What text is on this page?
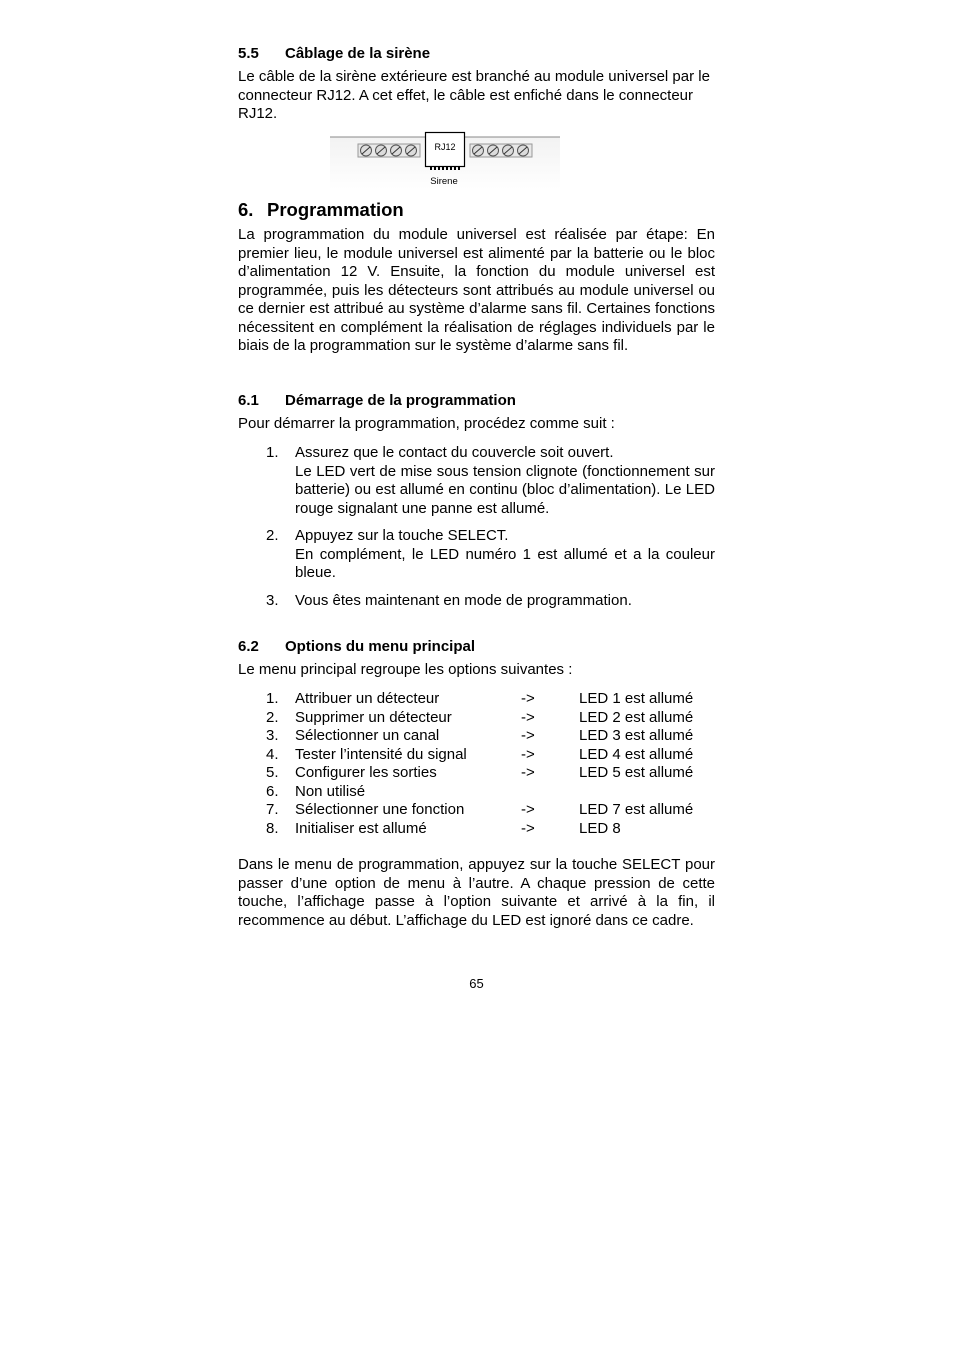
5.5 Câblage de la sirène

Le câble de la sirène extérieure est branché au module universel par le connecteur RJ12. A cet effet, le câble est enfiché dans le connecteur RJ12.

6. Programmation

La programmation du module universel est réalisée par étape: En premier lieu, le module universel est alimenté par la batterie ou le bloc d’alimentation 12 V. Ensuite, la fonction du module universel est programmée, puis les détecteurs sont attribués au module universel ou ce dernier est attribué au système d’alarme sans fil. Certaines fonctions nécessitent en complément la réalisation de réglages individuels par le biais de la programmation sur le système d’alarme sans fil.

6.1 Démarrage de la programmation

Pour démarrer la programmation, procédez comme suit :

1. Assurez que le contact du couvercle soit ouvert.
Le LED vert de mise sous tension clignote (fonctionnement sur batterie) ou est allumé en continu (bloc d’alimentation). Le LED rouge signalant une panne est allumé.
2. Appuyez sur la touche SELECT.
En complément, le LED numéro 1 est allumé et a la couleur bleue.
3. Vous êtes maintenant en mode de programmation.
6.2 Options du menu principal

Le menu principal regroupe les options suivantes :

1. Attribuer un détecteur	->	LED 1 est allumé
2. Supprimer un détecteur	->	LED 2 est allumé
3. Sélectionner un canal	->	LED 3 est allumé
4. Tester l’intensité du signal	->	LED 4 est allumé
5. Configurer les sorties	->	LED 5 est allumé
6. Non utilisé
7. Sélectionner une fonction	->	LED 7 est allumé
8. Initialiser est allumé	->	LED 8

Dans le menu de programmation, appuyez sur la touche SELECT pour passer d’une option de menu à l’autre. A chaque pression de cette touche, l’affichage passe à l’option suivante et arrivé à la fin, il recommence au début. L’affichage du LED est ignoré dans ce cadre.

RJ12
Sirene
65
